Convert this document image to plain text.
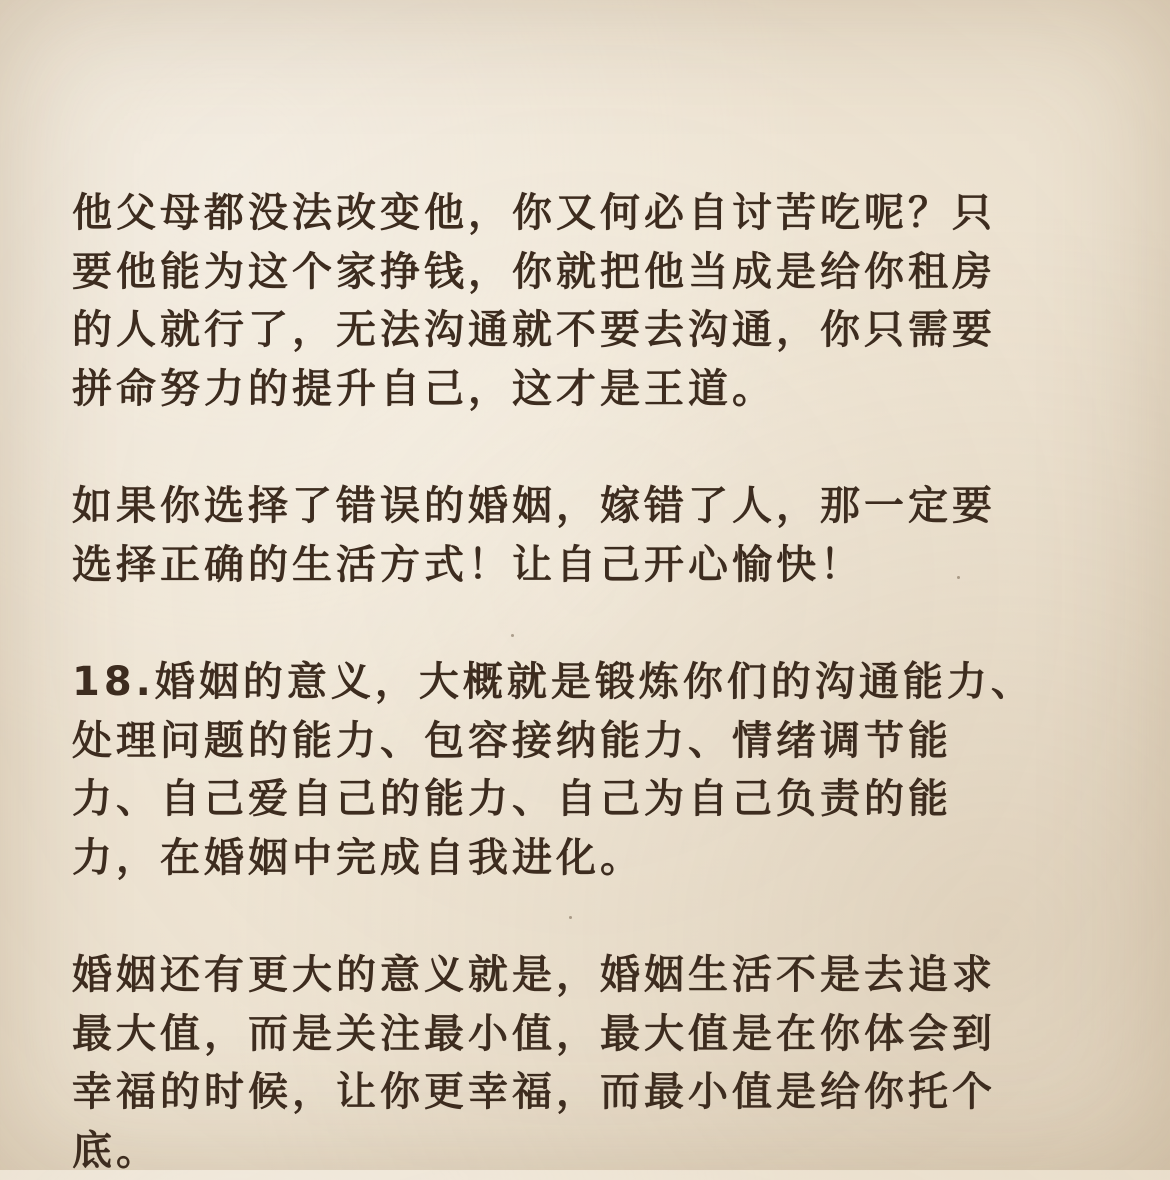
他父母都没法改变他，你又何必自讨苦吃呢？只
要他能为这个家挣钱，你就把他当成是给你租房
的人就行了，无法沟通就不要去沟通，你只需要
拼命努力的提升自己，这才是王道。
如果你选择了错误的婚姻，嫁错了人，那一定要
选择正确的生活方式！让自己开心愉快！
18.婚姻的意义，大概就是锻炼你们的沟通能力、
处理问题的能力、包容接纳能力、情绪调节能
力、自己爱自己的能力、自己为自己负责的能
力，在婚姻中完成自我进化。
婚姻还有更大的意义就是，婚姻生活不是去追求
最大值，而是关注最小值，最大值是在你体会到
幸福的时候，让你更幸福，而最小值是给你托个
底。
